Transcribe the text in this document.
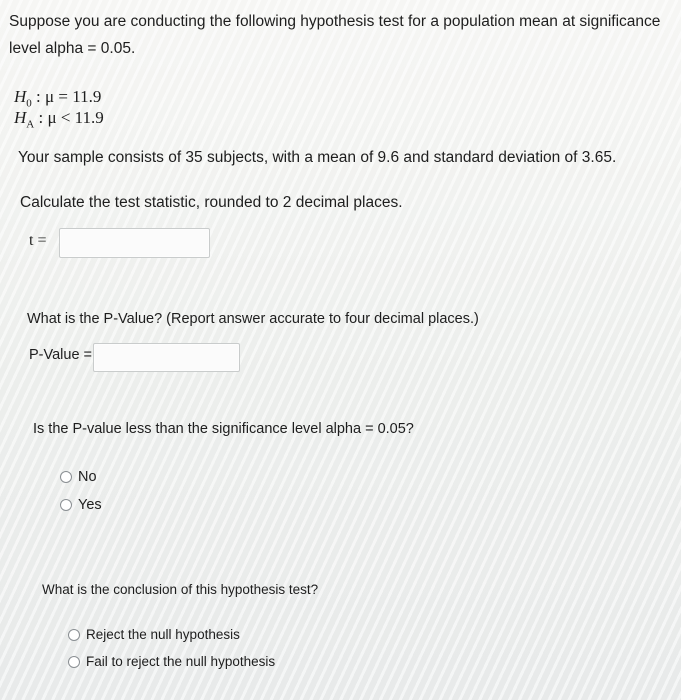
Suppose you are conducting the following hypothesis test for a population mean at significance
level alpha = 0.05.
$H_0$ : μ = 11.9
$H_A$ : μ < 11.9
Your sample consists of 35 subjects, with a mean of 9.6 and standard deviation of 3.65.
Calculate the test statistic, rounded to 2 decimal places.
t =
What is the P-Value? (Report answer accurate to four decimal places.)
P-Value =
Is the P-value less than the significance level alpha = 0.05?
No
Yes
What is the conclusion of this hypothesis test?
Reject the null hypothesis
Fail to reject the null hypothesis
